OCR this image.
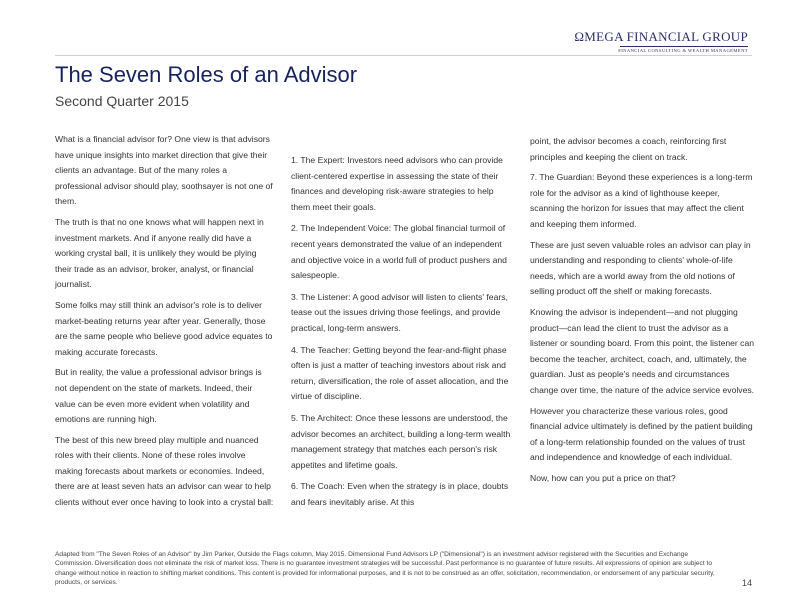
ΩMEGA FINANCIAL GROUP
FINANCIAL CONSULTING & WEALTH MANAGEMENT
The Seven Roles of an Advisor
Second Quarter 2015

What is a financial advisor for? One view is that advisors have unique insights into market direction that give their clients an advantage. But of the many roles a professional advisor should play, soothsayer is not one of them.

The truth is that no one knows what will happen next in investment markets. And if anyone really did have a working crystal ball, it is unlikely they would be plying their trade as an advisor, broker, analyst, or financial journalist.

Some folks may still think an advisor's role is to deliver market-beating returns year after year. Generally, those are the same people who believe good advice equates to making accurate forecasts.

But in reality, the value a professional advisor brings is not dependent on the state of markets. Indeed, their value can be even more evident when volatility and emotions are running high.

The best of this new breed play multiple and nuanced roles with their clients. None of these roles involve making forecasts about markets or economies. Indeed, there are at least seven hats an advisor can wear to help clients without ever once having to look into a crystal ball:

1. The Expert: Investors need advisors who can provide client-centered expertise in assessing the state of their finances and developing risk-aware strategies to help them meet their goals.

2. The Independent Voice: The global financial turmoil of recent years demonstrated the value of an independent and objective voice in a world full of product pushers and salespeople.

3. The Listener: A good advisor will listen to clients' fears, tease out the issues driving those feelings, and provide practical, long-term answers.

4. The Teacher: Getting beyond the fear-and-flight phase often is just a matter of teaching investors about risk and return, diversification, the role of asset allocation, and the virtue of discipline.

5. The Architect: Once these lessons are understood, the advisor becomes an architect, building a long-term wealth management strategy that matches each person's risk appetites and lifetime goals.

6. The Coach: Even when the strategy is in place, doubts and fears inevitably arise. At this

point, the advisor becomes a coach, reinforcing first principles and keeping the client on track.

7. The Guardian: Beyond these experiences is a long-term role for the advisor as a kind of lighthouse keeper, scanning the horizon for issues that may affect the client and keeping them informed.

These are just seven valuable roles an advisor can play in understanding and responding to clients' whole-of-life needs, which are a world away from the old notions of selling product off the shelf or making forecasts.

Knowing the advisor is independent—and not plugging product—can lead the client to trust the advisor as a listener or sounding board. From this point, the listener can become the teacher, architect, coach, and, ultimately, the guardian. Just as people's needs and circumstances change over time, the nature of the advice service evolves.

However you characterize these various roles, good financial advice ultimately is defined by the patient building of a long-term relationship founded on the values of trust and independence and knowledge of each individual.

Now, how can you put a price on that?

Adapted from "The Seven Roles of an Advisor" by Jim Parker, Outside the Flags column, May 2015. Dimensional Fund Advisors LP ("Dimensional") is an investment advisor registered with the Securities and Exchange Commission. Diversification does not eliminate the risk of market loss. There is no guarantee investment strategies will be successful. Past performance is no guarantee of future results. All expressions of opinion are subject to change without notice in reaction to shifting market conditions. This content is provided for informational purposes, and it is not to be construed as an offer, solicitation, recommendation, or endorsement of any particular security, products, or services.	14
